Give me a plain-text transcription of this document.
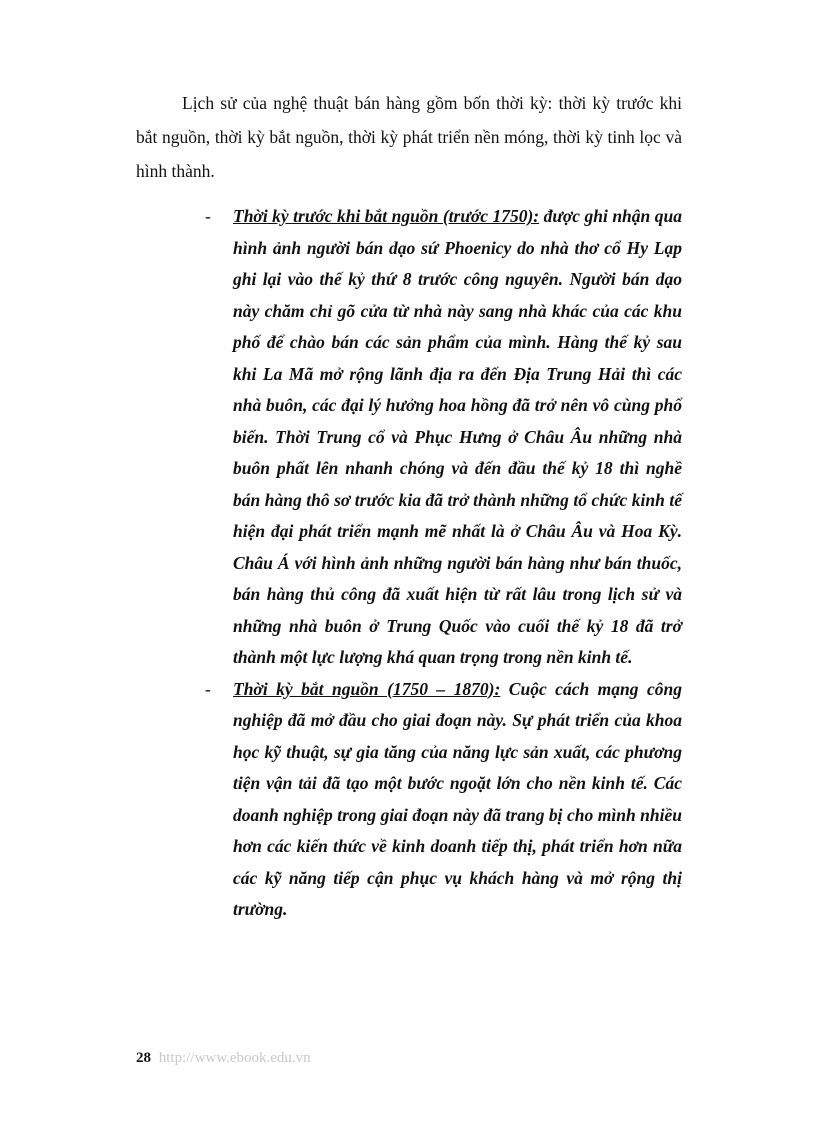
Lịch sử của nghệ thuật bán hàng gồm bốn thời kỳ: thời kỳ trước khi bắt nguồn, thời kỳ bắt nguồn, thời kỳ phát triển nền móng, thời kỳ tinh lọc và hình thành.

- Thời kỳ trước khi bắt nguồn (trước 1750): được ghi nhận qua hình ảnh người bán dạo sứ Phoenicy do nhà thơ cổ Hy Lạp ghi lại vào thế kỷ thứ 8 trước công nguyên. Người bán dạo này chăm chỉ gõ cửa từ nhà này sang nhà khác của các khu phố để chào bán các sản phẩm của mình. Hàng thế kỷ sau khi La Mã mở rộng lãnh địa ra đến Địa Trung Hải thì các nhà buôn, các đại lý hưởng hoa hồng đã trở nên vô cùng phổ biến. Thời Trung cổ và Phục Hưng ở Châu Âu những nhà buôn phất lên nhanh chóng và đến đầu thế kỷ 18 thì nghề bán hàng thô sơ trước kia đã trở thành những tổ chức kinh tế hiện đại phát triển mạnh mẽ nhất là ở Châu Âu và Hoa Kỳ. Châu Á với hình ảnh những người bán hàng như bán thuốc, bán hàng thủ công đã xuất hiện từ rất lâu trong lịch sử và những nhà buôn ở Trung Quốc vào cuối thế kỷ 18 đã trở thành một lực lượng khá quan trọng trong nền kinh tế.
- Thời kỳ bắt nguồn (1750 – 1870): Cuộc cách mạng công nghiệp đã mở đầu cho giai đoạn này. Sự phát triển của khoa học kỹ thuật, sự gia tăng của năng lực sản xuất, các phương tiện vận tải đã tạo một bước ngoặt lớn cho nền kinh tế. Các doanh nghiệp trong giai đoạn này đã trang bị cho mình nhiều hơn các kiến thức về kinh doanh tiếp thị, phát triển hơn nữa các kỹ năng tiếp cận phục vụ khách hàng và mở rộng thị trường.
28 http://www.ebook.edu.vn
